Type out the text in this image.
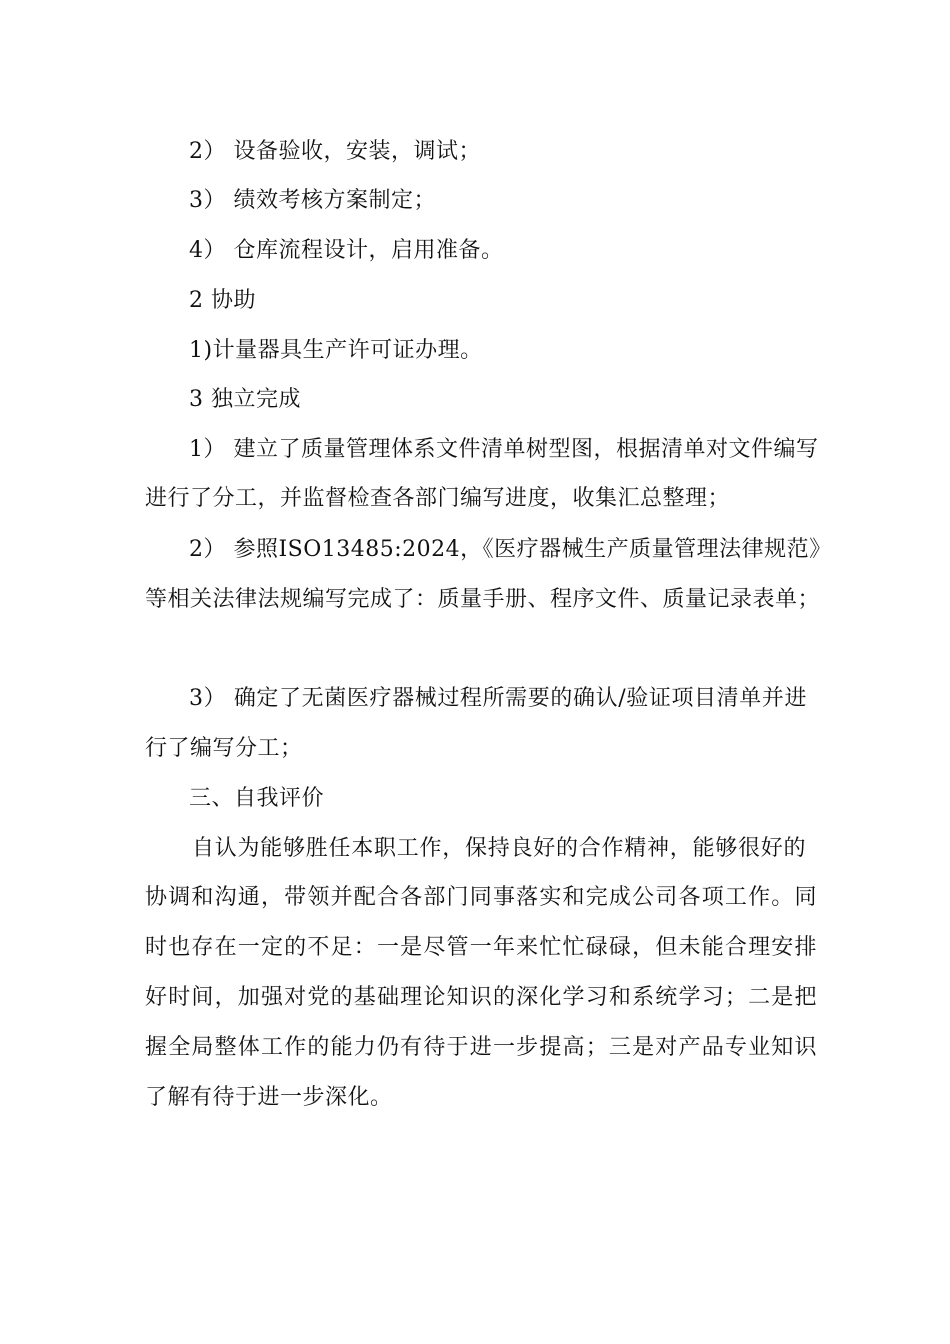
2） 设备验收，安装，调试；
3） 绩效考核方案制定；
4） 仓库流程设计，启用准备。
2 协助
1)计量器具生产许可证办理。
3 独立完成
1） 建立了质量管理体系文件清单树型图，根据清单对文件编写
进行了分工，并监督检查各部门编写进度，收集汇总整理；
2） 参照ISO13485:2024，《医疗器械生产质量管理法律规范》
等相关法律法规编写完成了：质量手册、程序文件、质量记录表单；
3） 确定了无菌医疗器械过程所需要的确认/验证项目清单并进
行了编写分工；
三、自我评价
自认为能够胜任本职工作，保持良好的合作精神，能够很好的
协调和沟通，带领并配合各部门同事落实和完成公司各项工作。同
时也存在一定的不足：一是尽管一年来忙忙碌碌，但未能合理安排
好时间，加强对党的基础理论知识的深化学习和系统学习；二是把
握全局整体工作的能力仍有待于进一步提高；三是对产品专业知识
了解有待于进一步深化。
